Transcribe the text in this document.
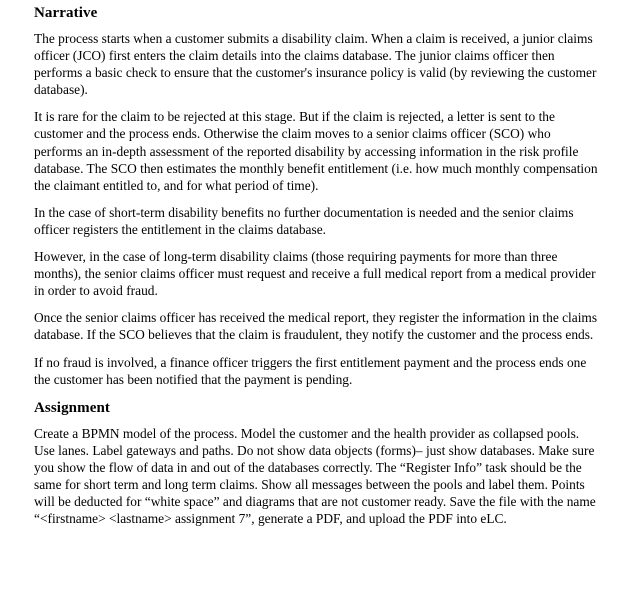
Narrative

The process starts when a customer submits a disability claim. When a claim is received, a junior claims officer (JCO) first enters the claim details into the claims database. The junior claims officer then performs a basic check to ensure that the customer's insurance policy is valid (by reviewing the customer database).

It is rare for the claim to be rejected at this stage. But if the claim is rejected, a letter is sent to the customer and the process ends. Otherwise the claim moves to a senior claims officer (SCO) who performs an in-depth assessment of the reported disability by accessing information in the risk profile database. The SCO then estimates the monthly benefit entitlement (i.e. how much monthly compensation the claimant entitled to, and for what period of time).

In the case of short-term disability benefits no further documentation is needed and the senior claims officer registers the entitlement in the claims database.

However, in the case of long-term disability claims (those requiring payments for more than three months), the senior claims officer must request and receive a full medical report from a medical provider in order to avoid fraud.

Once the senior claims officer has received the medical report, they register the information in the claims database. If the SCO believes that the claim is fraudulent, they notify the customer and the process ends.

If no fraud is involved, a finance officer triggers the first entitlement payment and the process ends one the customer has been notified that the payment is pending.

Assignment

Create a BPMN model of the process. Model the customer and the health provider as collapsed pools. Use lanes. Label gateways and paths. Do not show data objects (forms)– just show databases. Make sure you show the flow of data in and out of the databases correctly. The “Register Info” task should be the same for short term and long term claims. Show all messages between the pools and label them. Points will be deducted for “white space” and diagrams that are not customer ready. Save the file with the name “<firstname> <lastname> assignment 7”, generate a PDF, and upload the PDF into eLC.
